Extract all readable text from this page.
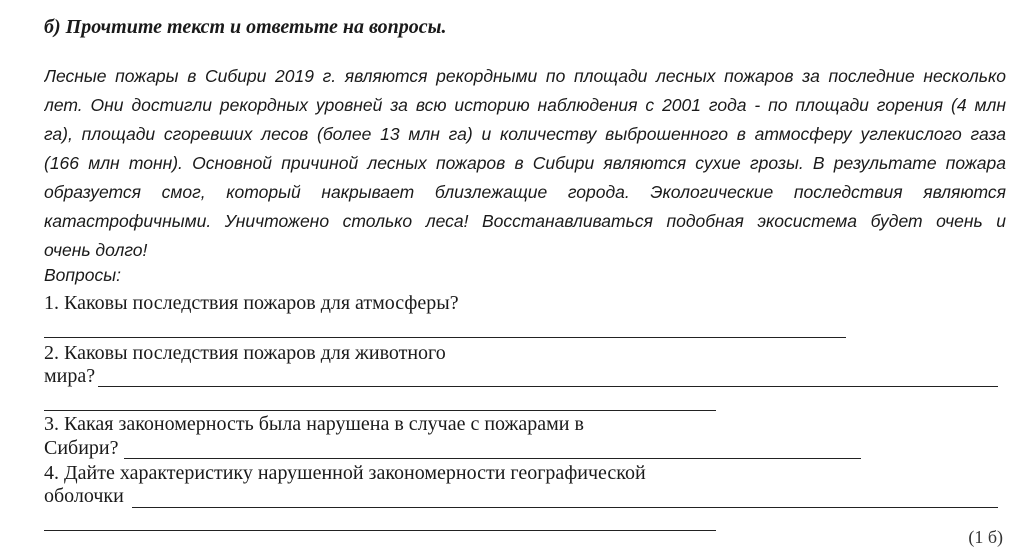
б) Прочтите текст и ответьте на вопросы.
Лесные пожары в Сибири 2019 г. являются рекордными по площади лесных пожаров за последние несколько
лет. Они достигли рекордных уровней за всю историю наблюдения с 2001 года - по площади горения (4 млн
га), площади сгоревших лесов (более 13 млн га) и количеству выброшенного в атмосферу углекислого газа
(166 млн тонн). Основной причиной лесных пожаров в Сибири являются сухие грозы. В результате пожара
образуется смог, который накрывает близлежащие города. Экологические последствия являются
катастрофичными. Уничтожено столько леса! Восстанавливаться подобная экосистема будет очень и
очень долго!
Вопросы:
1. Каковы последствия пожаров для атмосферы?
2. Каковы последствия пожаров для животного
мира?
3. Какая закономерность была нарушена в случае с пожарами в
Сибири?
4. Дайте характеристику нарушенной закономерности географической
оболочки
(1 б)
